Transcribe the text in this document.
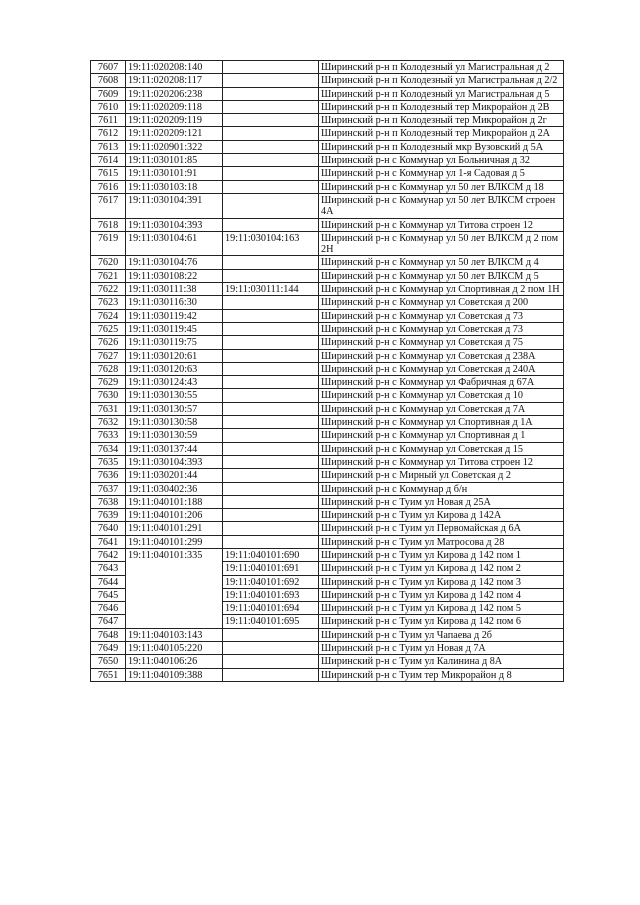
7607	19:11:020208:140		Ширинский р-н п Колодезный ул Магистральная д 2
7608	19:11:020208:117		Ширинский р-н п Колодезный ул Магистральная д 2/2
7609	19:11:020206:238		Ширинский р-н п Колодезный ул Магистральная д 5
7610	19:11:020209:118		Ширинский р-н п Колодезный тер Микрорайон д 2В
7611	19:11:020209:119		Ширинский р-н п Колодезный тер Микрорайон д 2г
7612	19:11:020209:121		Ширинский р-н п Колодезный тер Микрорайон д 2А
7613	19:11:020901:322		Ширинский р-н п Колодезный мкр Вузовский д 5А
7614	19:11:030101:85		Ширинский р-н с Коммунар ул Больничная д 32
7615	19:11:030101:91		Ширинский р-н с Коммунар ул 1-я Садовая д 5
7616	19:11:030103:18		Ширинский р-н с Коммунар ул 50 лет ВЛКСМ д 18
7617	19:11:030104:391		Ширинский р-н с Коммунар ул 50 лет ВЛКСМ строен 4А
7618	19:11:030104:393		Ширинский р-н с Коммунар ул Титова строен 12
7619	19:11:030104:61	19:11:030104:163	Ширинский р-н с Коммунар ул 50 лет ВЛКСМ д 2 пом 2Н
7620	19:11:030104:76		Ширинский р-н с Коммунар ул 50 лет ВЛКСМ д 4
7621	19:11:030108:22		Ширинский р-н с Коммунар ул 50 лет ВЛКСМ д 5
7622	19:11:030111:38	19:11:030111:144	Ширинский р-н с Коммунар ул Спортивная д 2 пом 1Н
7623	19:11:030116:30		Ширинский р-н с Коммунар ул Советская д 200
7624	19:11:030119:42		Ширинский р-н с Коммунар ул Советская д 73
7625	19:11:030119:45		Ширинский р-н с Коммунар ул Советская д 73
7626	19:11:030119:75		Ширинский р-н с Коммунар ул Советская д 75
7627	19:11:030120:61		Ширинский р-н с Коммунар ул Советская д 238А
7628	19:11:030120:63		Ширинский р-н с Коммунар ул Советская д 240А
7629	19:11:030124:43		Ширинский р-н с Коммунар ул Фабричная д 67А
7630	19:11:030130:55		Ширинский р-н с Коммунар ул Советская д 10
7631	19:11:030130:57		Ширинский р-н с Коммунар ул Советская д 7А
7632	19:11:030130:58		Ширинский р-н с Коммунар ул Спортивная д 1А
7633	19:11:030130:59		Ширинский р-н с Коммунар ул Спортивная д 1
7634	19:11:030137:44		Ширинский р-н с Коммунар ул Советская д 15
7635	19:11:030104:393		Ширинский р-н с Коммунар ул Титова строен 12
7636	19:11:030201:44		Ширинский р-н с Мирный ул Советская д 2
7637	19:11:030402:36		Ширинский р-н с Коммунар д б/н
7638	19:11:040101:188		Ширинский р-н с Туим ул Новая д 25А
7639	19:11:040101:206		Ширинский р-н с Туим ул Кирова д 142А
7640	19:11:040101:291		Ширинский р-н с Туим ул Первомайская д 6А
7641	19:11:040101:299		Ширинский р-н с Туим ул Матросова д 28
7642	19:11:040101:335	19:11:040101:690	Ширинский р-н с Туим ул Кирова д 142 пом 1
7643		19:11:040101:691	Ширинский р-н с Туим ул Кирова д 142 пом 2
7644		19:11:040101:692	Ширинский р-н с Туим ул Кирова д 142 пом 3
7645		19:11:040101:693	Ширинский р-н с Туим ул Кирова д 142 пом 4
7646		19:11:040101:694	Ширинский р-н с Туим ул Кирова д 142 пом 5
7647		19:11:040101:695	Ширинский р-н с Туим ул Кирова д 142 пом 6
7648	19:11:040103:143		Ширинский р-н с Туим ул Чапаева д 2б
7649	19:11:040105:220		Ширинский р-н с Туим ул Новая д 7А
7650	19:11:040106:26		Ширинский р-н с Туим ул Калинина д 8А
7651	19:11:040109:388		Ширинский р-н с Туим тер Микрорайон д 8
